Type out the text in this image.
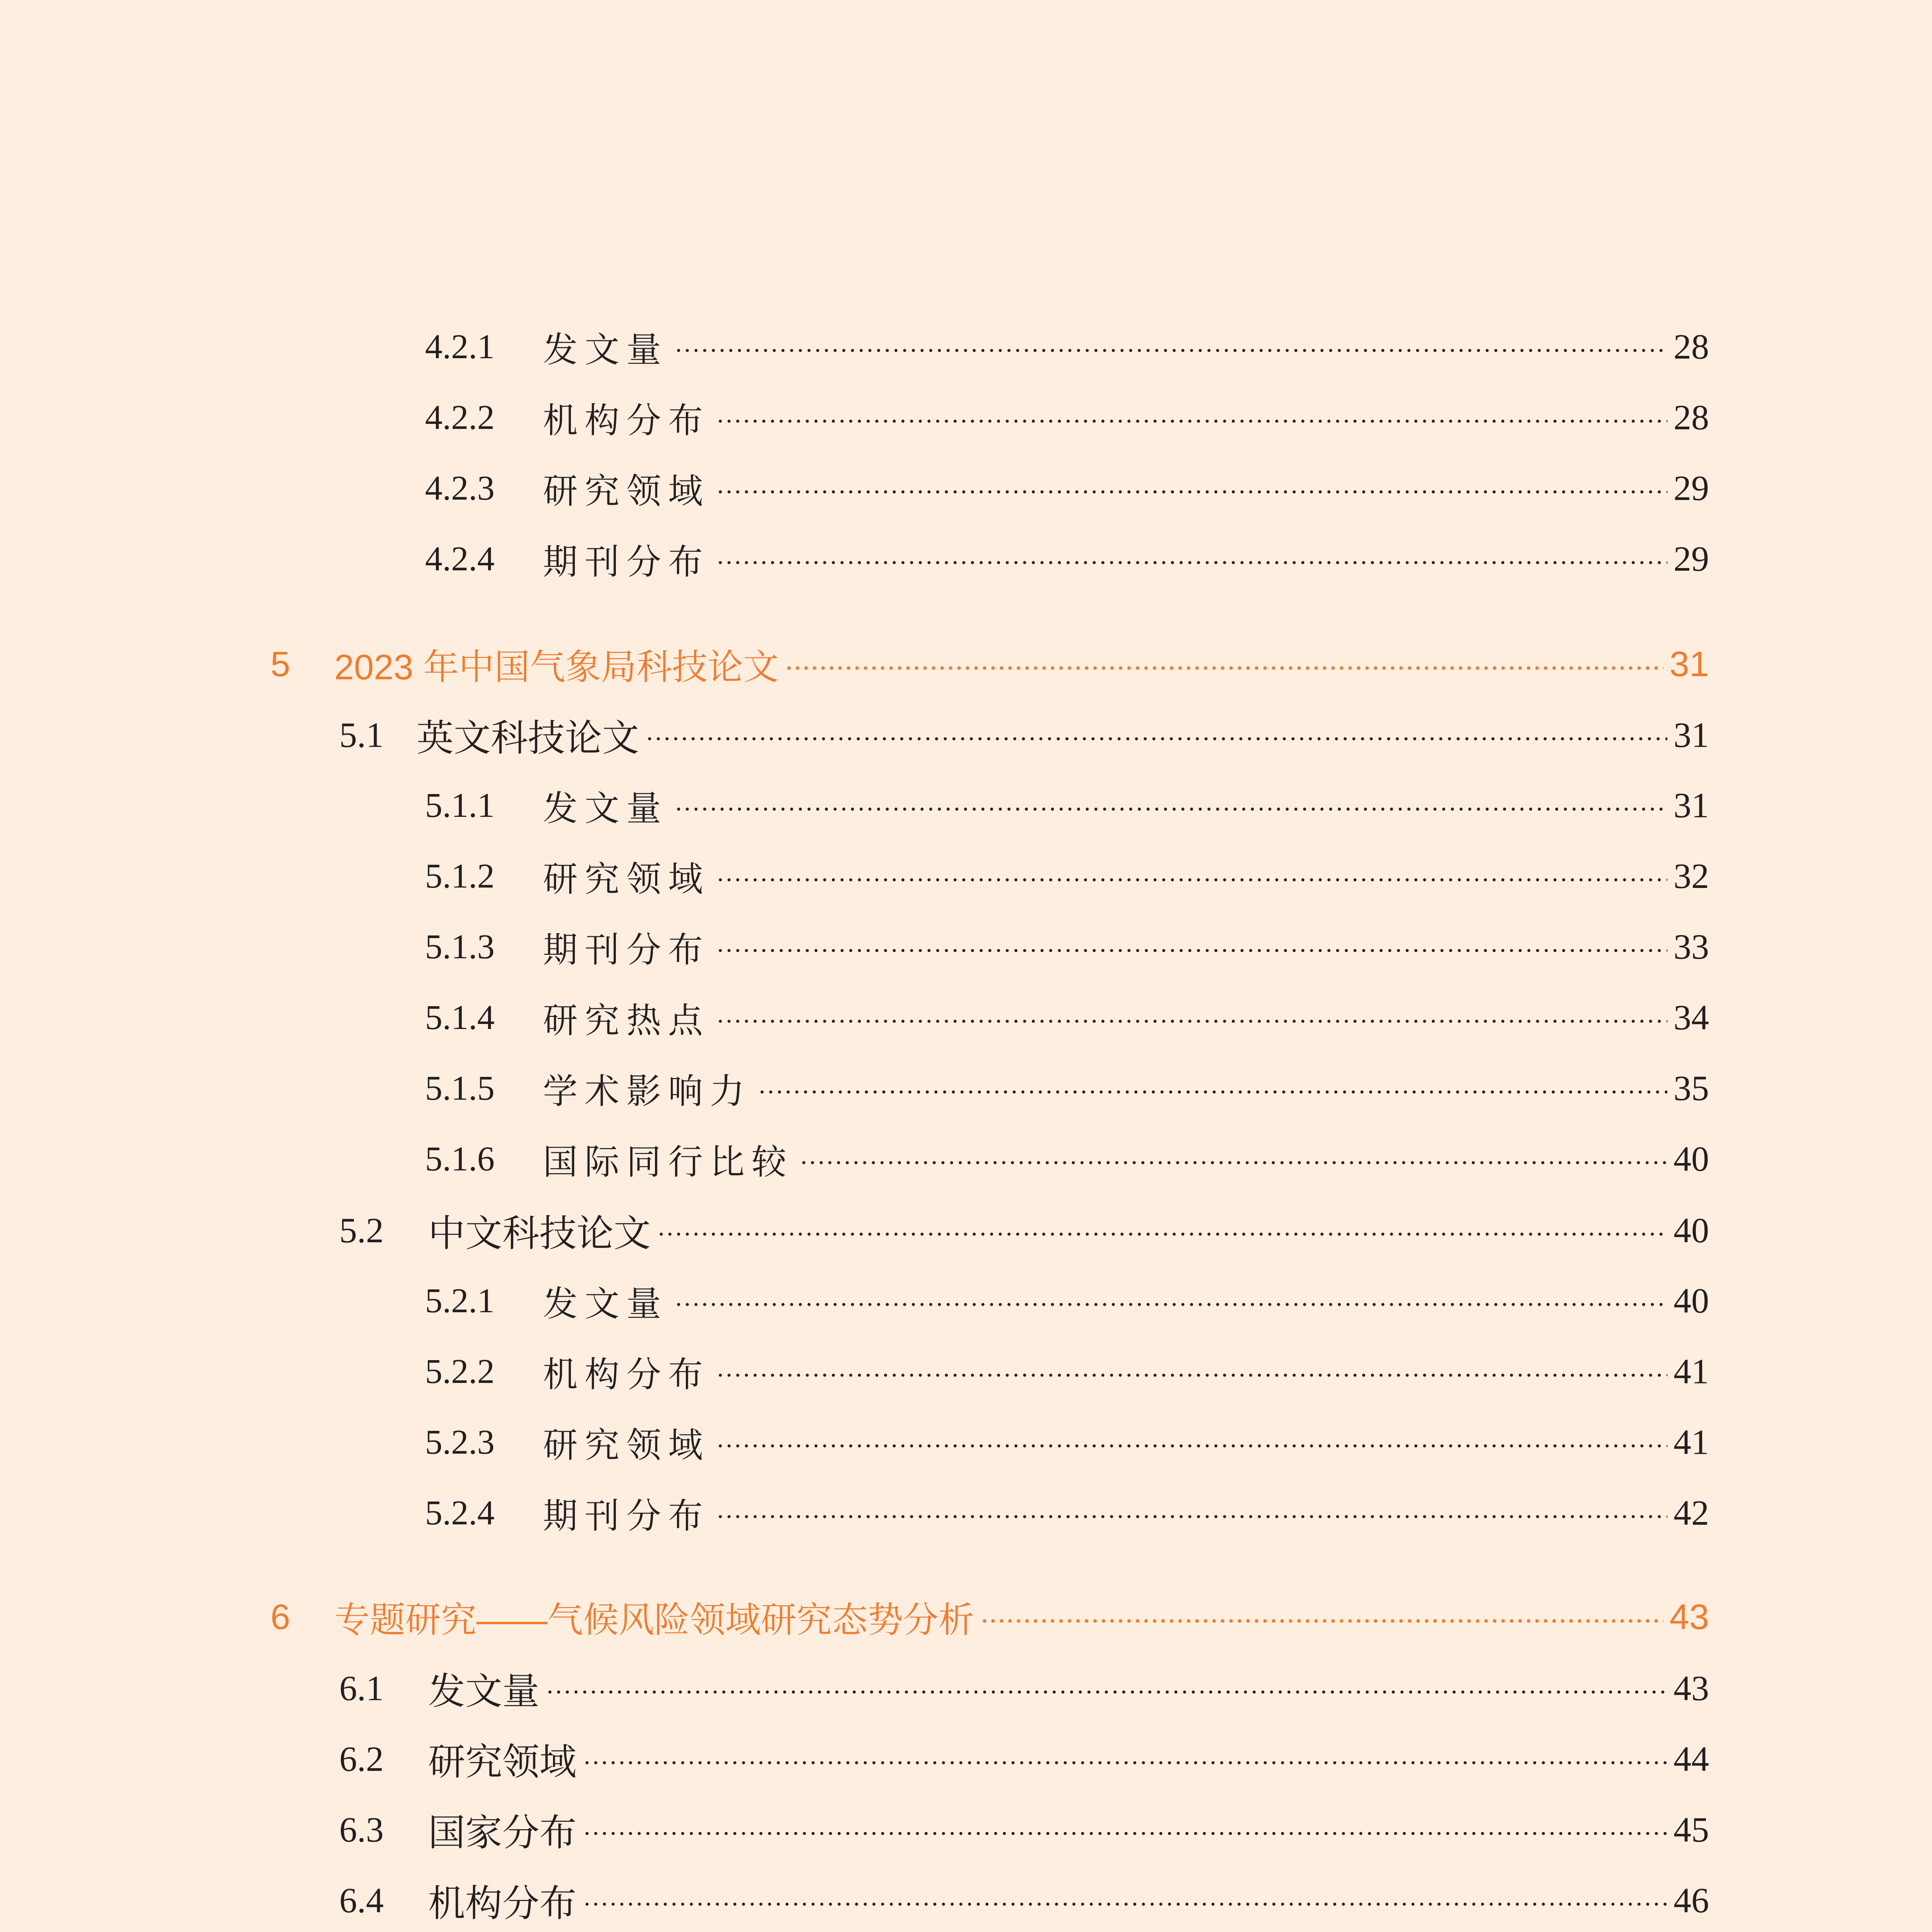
4.2.1	发文量	28
4.2.2	机构分布	28
4.2.3	研究领域	29
4.2.4	期刊分布	29
5	2023 年中国气象局科技论文	31
5.1 英文科技论文	31
5.1.1	发文量	31
5.1.2	研究领域	32
5.1.3	期刊分布	33
5.1.4	研究热点	34
5.1.5	学术影响力	35
5.1.6	国际同行比较	40
5.2	中文科技论文	40
5.2.1	发文量	40
5.2.2	机构分布	41
5.2.3	研究领域	41
5.2.4	期刊分布	42
6	专题研究——气候风险领域研究态势分析	43
6.1	发文量	43
6.2	研究领域	44
6.3	国家分布	45
6.4	机构分布	46
